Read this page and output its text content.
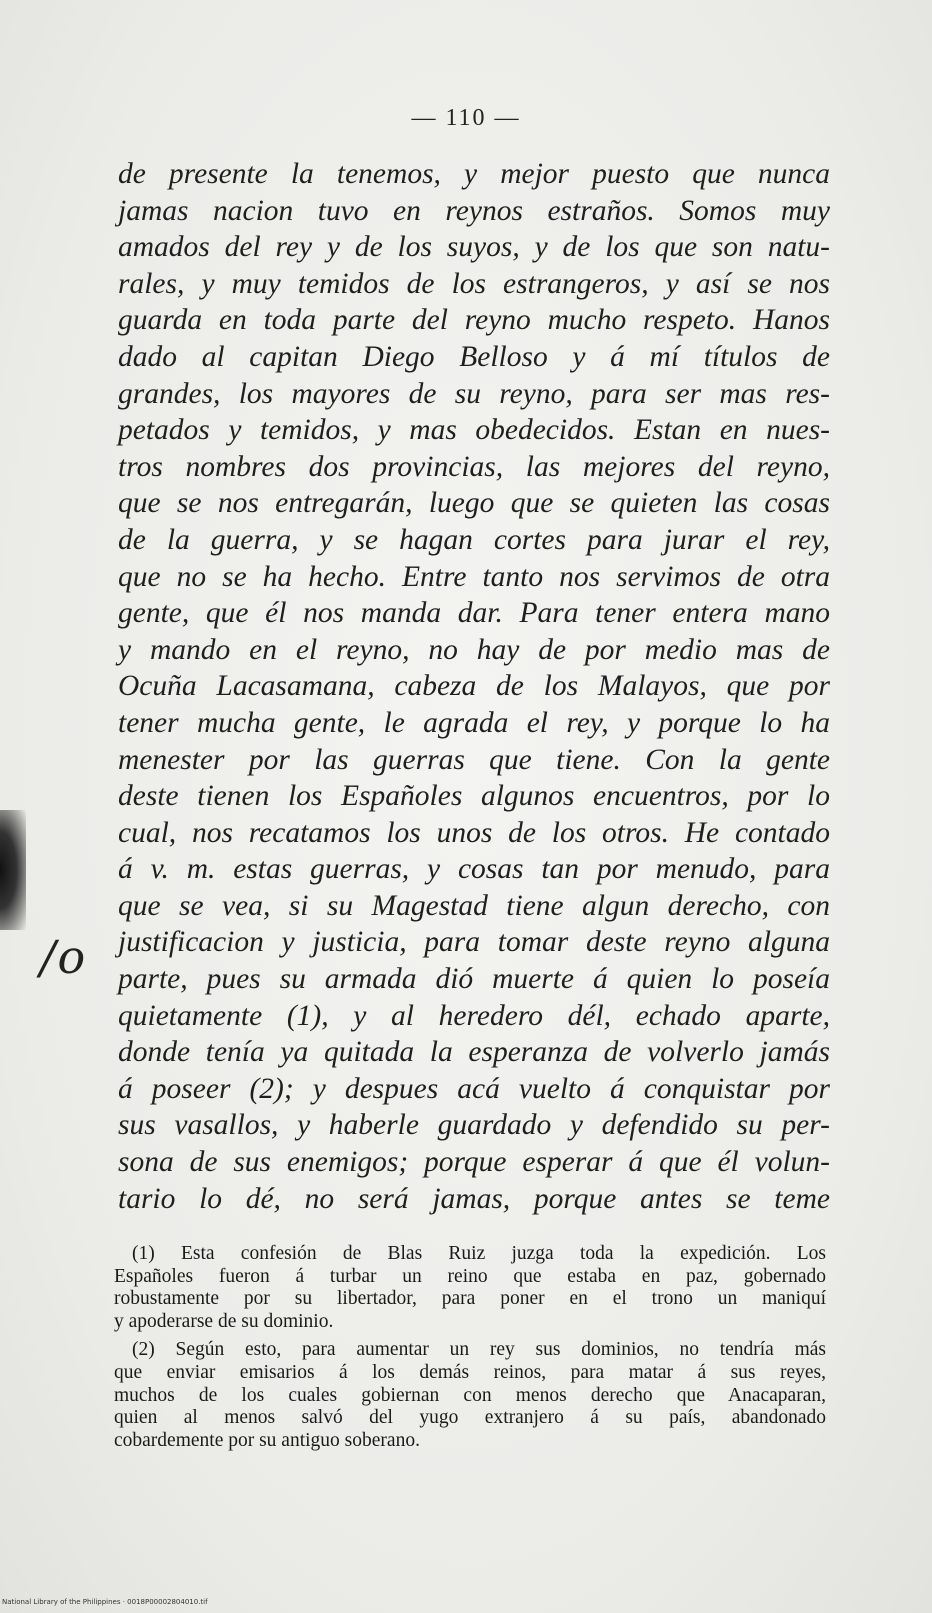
— 110 —
/o
de presente la tenemos, y mejor puesto que nunca
jamas nacion tuvo en reynos estraños. Somos muy
amados del rey y de los suyos, y de los que son natu-
rales, y muy temidos de los estrangeros, y así se nos
guarda en toda parte del reyno mucho respeto. Hanos
dado al capitan Diego Belloso y á mí títulos de
grandes, los mayores de su reyno, para ser mas res-
petados y temidos, y mas obedecidos. Estan en nues-
tros nombres dos provincias, las mejores del reyno,
que se nos entregarán, luego que se quieten las cosas
de la guerra, y se hagan cortes para jurar el rey,
que no se ha hecho. Entre tanto nos servimos de otra
gente, que él nos manda dar. Para tener entera mano
y mando en el reyno, no hay de por medio mas de
Ocuña Lacasamana, cabeza de los Malayos, que por
tener mucha gente, le agrada el rey, y porque lo ha
menester por las guerras que tiene. Con la gente
deste tienen los Españoles algunos encuentros, por lo
cual, nos recatamos los unos de los otros. He contado
á v. m. estas guerras, y cosas tan por menudo, para
que se vea, si su Magestad tiene algun derecho, con
justificacion y justicia, para tomar deste reyno alguna
parte, pues su armada dió muerte á quien lo poseía
quietamente (1), y al heredero dél, echado aparte,
donde tenía ya quitada la esperanza de volverlo jamás
á poseer (2); y despues acá vuelto á conquistar por
sus vasallos, y haberle guardado y defendido su per-
sona de sus enemigos; porque esperar á que él volun-
tario lo dé, no será jamas, porque antes se teme
(1) Esta confesión de Blas Ruiz juzga toda la expedición. Los
Españoles fueron á turbar un reino que estaba en paz, gobernado
robustamente por su libertador, para poner en el trono un maniquí
y apoderarse de su dominio.
(2) Según esto, para aumentar un rey sus dominios, no tendría más
que enviar emisarios á los demás reinos, para matar á sus reyes,
muchos de los cuales gobiernan con menos derecho que Anacaparan,
quien al menos salvó del yugo extranjero á su país, abandonado
cobardemente por su antiguo soberano.
National Library of the Philippines · 0018P00002804010.tif
